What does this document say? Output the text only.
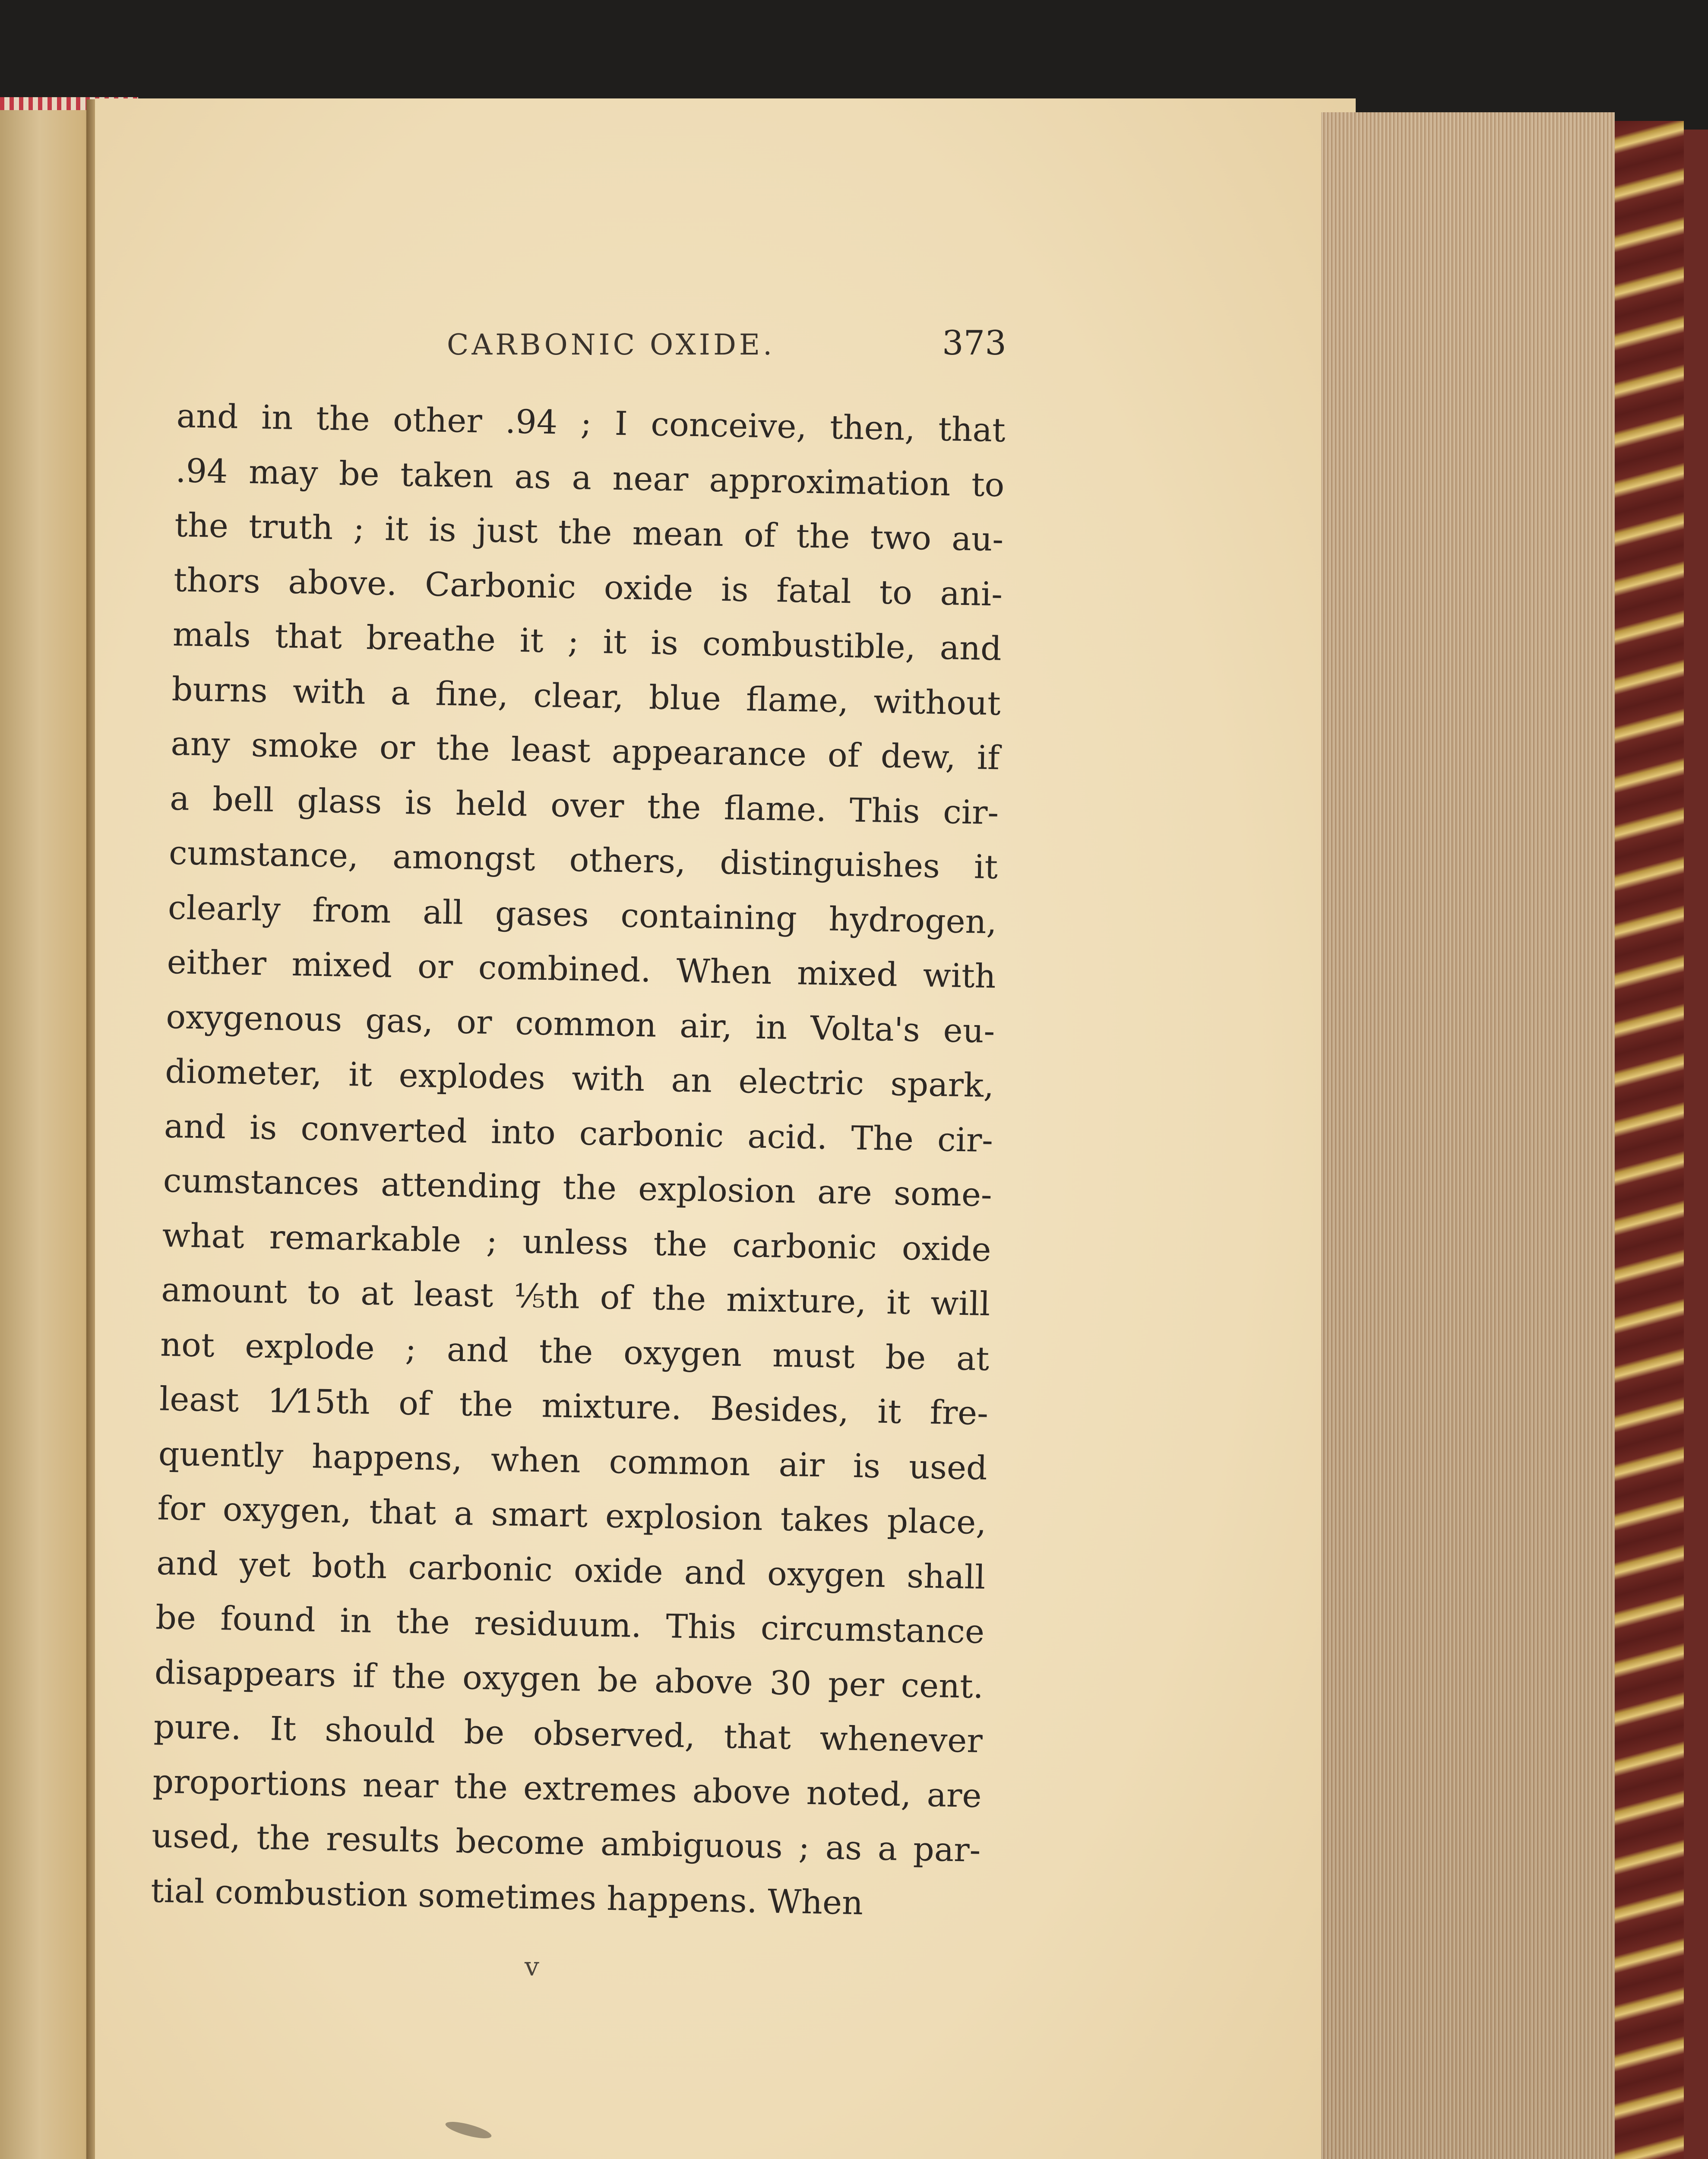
CARBONIC OXIDE.	373
and in the other .94 ; I conceive, then, that
.94 may be taken as a near approximation to
the truth ; it is just the mean of the two au-
thors above. Carbonic oxide is fatal to ani-
mals that breathe it ; it is combustible, and
burns with a fine, clear, blue flame, without
any smoke or the least appearance of dew, if
a bell glass is held over the flame. This cir-
cumstance, amongst others, distinguishes it
clearly from all gases containing hydrogen,
either mixed or combined. When mixed with
oxygenous gas, or common air, in Volta's eu-
diometer, it explodes with an electric spark,
and is converted into carbonic acid. The cir-
cumstances attending the explosion are some-
what remarkable ; unless the carbonic oxide
amount to at least ⅕th of the mixture, it will
not explode ; and the oxygen must be at
least 1⁄15th of the mixture. Besides, it fre-
quently happens, when common air is used
for oxygen, that a smart explosion takes place,
and yet both carbonic oxide and oxygen shall
be found in the residuum. This circumstance
disappears if the oxygen be above 30 per cent.
pure. It should be observed, that whenever
proportions near the extremes above noted, are
used, the results become ambiguous ; as a par-
tial combustion sometimes happens. When
v
